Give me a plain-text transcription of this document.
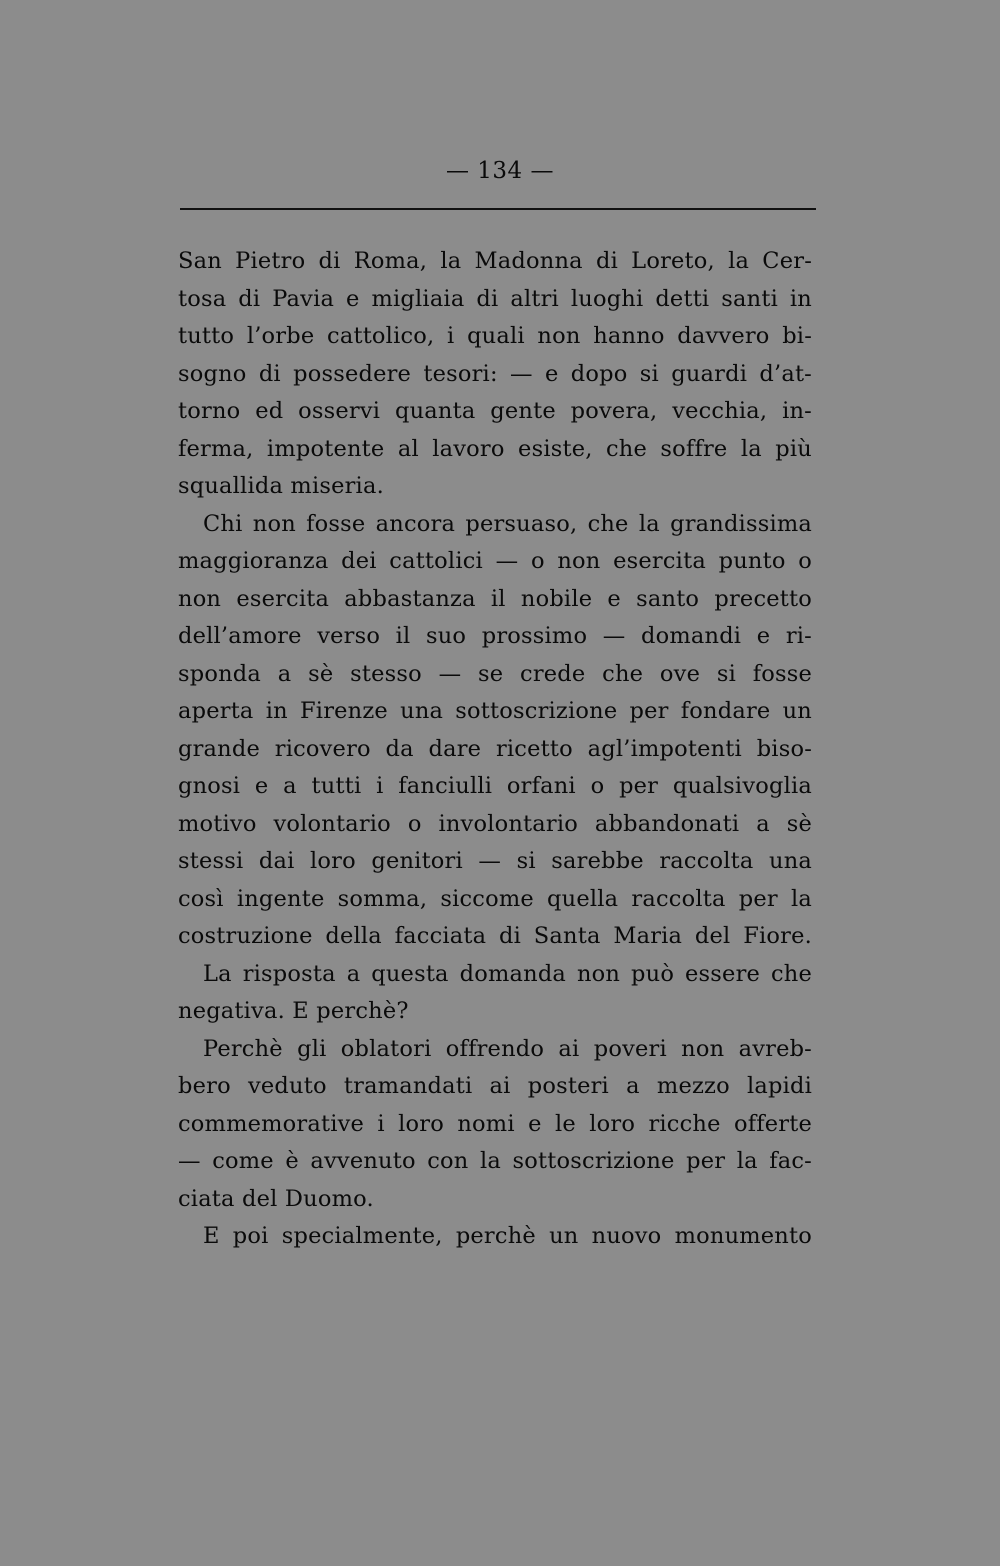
— 134 —
San Pietro di Roma, la Madonna di Loreto, la Cer-
tosa di Pavia e migliaia di altri luoghi detti santi in
tutto l’orbe cattolico, i quali non hanno davvero bi-
sogno di possedere tesori: — e dopo si guardi d’at-
torno ed osservi quanta gente povera, vecchia, in-
ferma, impotente al lavoro esiste, che soffre la più
squallida miseria.
Chi non fosse ancora persuaso, che la grandissima
maggioranza dei cattolici — o non esercita punto o
non esercita abbastanza il nobile e santo precetto
dell’amore verso il suo prossimo — domandi e ri-
sponda a sè stesso — se crede che ove si fosse
aperta in Firenze una sottoscrizione per fondare un
grande ricovero da dare ricetto agl’impotenti biso-
gnosi e a tutti i fanciulli orfani o per qualsivoglia
motivo volontario o involontario abbandonati a sè
stessi dai loro genitori — si sarebbe raccolta una
così ingente somma, siccome quella raccolta per la
costruzione della facciata di Santa Maria del Fiore.
La risposta a questa domanda non può essere che
negativa. E perchè?
Perchè gli oblatori offrendo ai poveri non avreb-
bero veduto tramandati ai posteri a mezzo lapidi
commemorative i loro nomi e le loro ricche offerte
— come è avvenuto con la sottoscrizione per la fac-
ciata del Duomo.
E poi specialmente, perchè un nuovo monumento
